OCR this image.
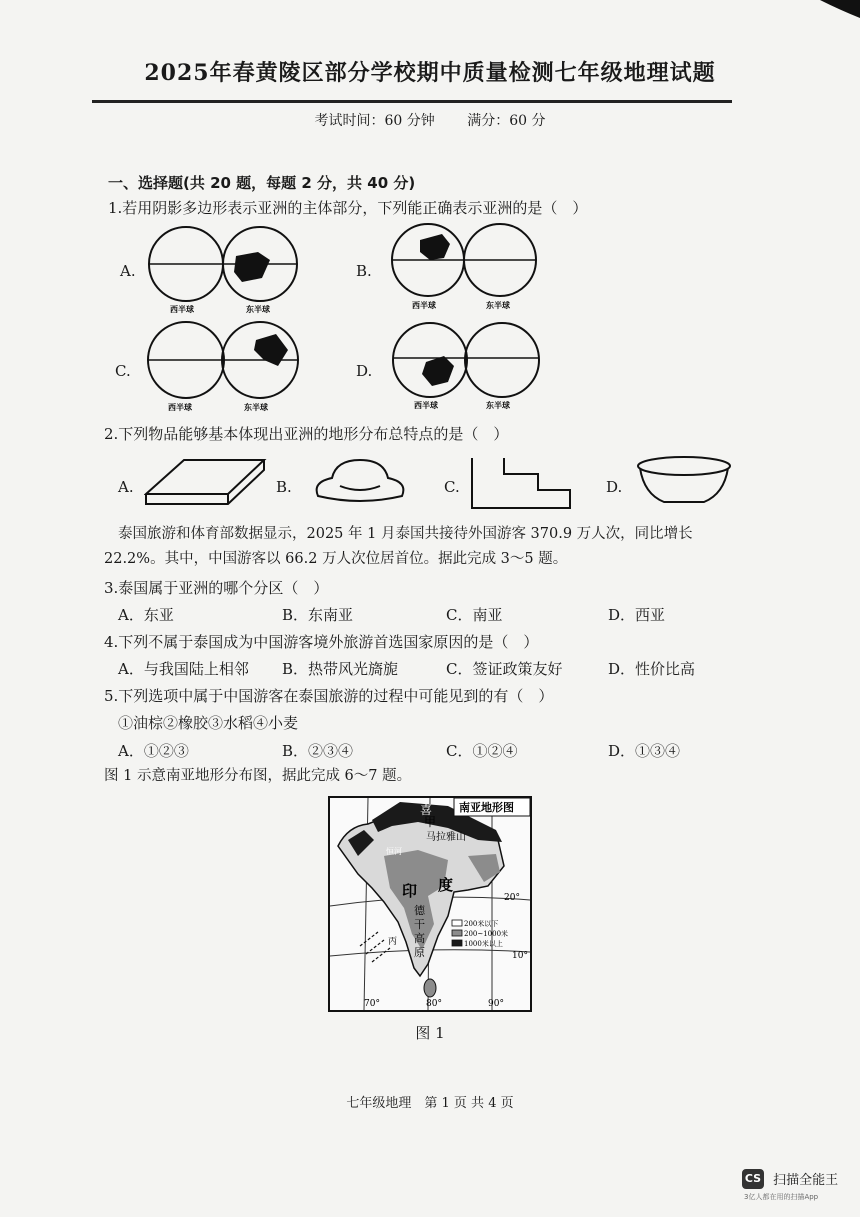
2025年春黄陵区部分学校期中质量检测七年级地理试题
考试时间：60 分钟 满分：60 分
一、选择题(共 20 题，每题 2 分，共 40 分)
1.若用阴影多边形表示亚洲的主体部分，下列能正确表示亚洲的是（　）
A.
西半球	东半球
B.
西半球	东半球
C.
西半球	东半球
D.
西半球	东半球
2.下列物品能够基本体现出亚洲的地形分布总特点的是（　）
A.	B.	C.	D.
泰国旅游和体育部数据显示，2025 年 1 月泰国共接待外国游客 370.9 万人次，同比增长
22.2%。其中，中国游客以 66.2 万人次位居首位。据此完成 3～5 题。
3.泰国属于亚洲的哪个分区（　）
A．东亚	B．东南亚	C．南亚	D．西亚
4.下列不属于泰国成为中国游客境外旅游首选国家原因的是（　）
A．与我国陆上相邻 B．热带风光旖旎	C．签证政策友好	D．性价比高
5.下列选项中属于中国游客在泰国旅游的过程中可能见到的有（　）
①油棕②橡胶③水稻④小麦
A．①②③	B．②③④	C．①②④	D．①③④
图 1 示意南亚地形分布图，据此完成 6～7 题。
南亚地形图
喜
甲
马拉雅山
恒河
印 度
德
干
高
原
丙
20°
10°
70°	80°	90°
200米以下
200~1000米
1000米以上
图 1
七年级地理　第 1 页 共 4 页
CS 扫描全能王
3亿人都在用的扫描App
